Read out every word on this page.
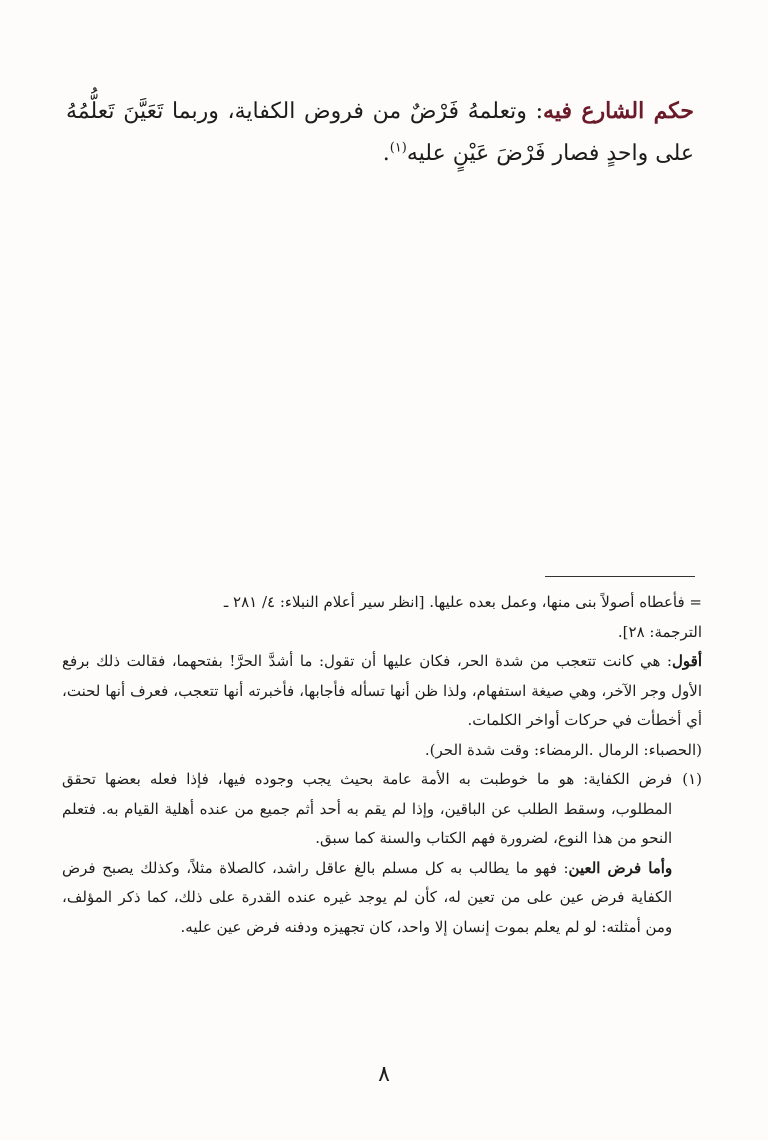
حكم الشارع فيه: وتعلمهُ فَرْضٌ من فروض الكفاية، وربما تَعَيَّنَ تَعلُّمُهُ على واحدٍ فصار فَرْضَ عَيْنٍ عليه$^{(١)}$.

= فأعطاه أصولاً بنى منها، وعمل بعده عليها. [انظر سير أعلام النبلاء: ٤/ ٢٨١ ـ
الترجمة: ٢٨].

أقول: هي كانت تتعجب من شدة الحر، فكان عليها أن تقول: ما أشدَّ الحرَّ! بفتحهما، فقالت ذلك برفع الأول وجر الآخر، وهي صيغة استفهام، ولذا ظن أنها تسأله فأجابها، فأخبرته أنها تتعجب، فعرف أنها لحنت، أي أخطأت في حركات أواخر الكلمات.

(الحصباء: الرمال .الرمضاء: وقت شدة الحر).

(١)

فرض الكفاية: هو ما خوطبت به الأمة عامة بحيث يجب وجوده فيها، فإذا فعله بعضها تحقق المطلوب، وسقط الطلب عن الباقين، وإذا لم يقم به أحد أثم جميع من عنده أهلية القيام به. فتعلم النحو من هذا النوع، لضرورة فهم الكتاب والسنة كما سبق.

وأما فرض العين: فهو ما يطالب به كل مسلم بالغ عاقل راشد، كالصلاة مثلاً، وكذلك يصبح فرض الكفاية فرض عين على من تعين له، كأن لم يوجد غيره عنده القدرة على ذلك، كما ذكر المؤلف، ومن أمثلته: لو لم يعلم بموت إنسان إلا واحد، كان تجهيزه ودفنه فرض عين عليه.

٨
